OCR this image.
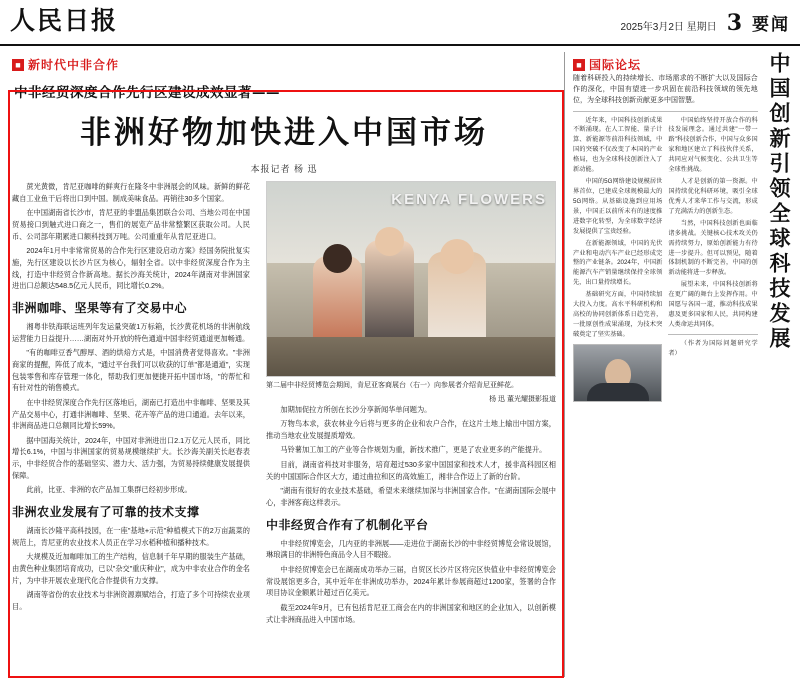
人民日报	2025年3月2日 星期日 3 要闻
■ 新时代中非合作
中非经贸深度合作先行区建设成效显著——
非洲好物加快进入中国市场
本报记者 杨 迅

蔗光黄微，肯尼亚咖啡的鲜爽行在隆冬中非洲展会的风味。新鲜的鲜花藏自工业鱼干后将出口到中国。制成美味食品。再销往30多个国家。

在中国湖南省长沙市，肯尼亚的非盟品集团联合公司、当地公司在中国贸易接口到触式进口商之一，售们的展览产品非常整繁区获取公司。人民币、公司部年期累进口额科技到万吨。公司重重年从肯尼亚进口。

2024年1月中非常常贸易的合作先行区建设启动方案》经国务院批复实施，先行区建设以长沙片区为核心，辐射全省。以中非经贸深度合作为主线，打造中非经贸合作新高地。据长沙海关统计，2024年湖南对非洲国家进出口总额达548.5亿元人民币，同比增长0.2%。

非洲咖啡、坚果等有了交易中心

湘粤非铁海联运班列年发运量突破1万标箱，长沙黄花机场的非洲航线运营能力日益提升……湖南对外开放的特色通道中国非经贸通道更加畅通。

"有的咖啡豆香气醇厚、酒的烘焙方式是，中国消费者觉得喜欢。"非洲商家的提醒，阵低了成本，"通过平台我们可以收获的订单"都是通道"，实现包装零售和库存管理一体化，帮助我们更加便捷开拓中国市场，"的帮忙和有针对性的销售模式。

在中非经贸深度合作先行区落地后，湖南已打造出中非咖啡、坚果及其产品交易中心，打通非洲咖啡、坚果、花卉等产品的进口通道。去年以来，非洲商品进口总额同比增长59%。

据中国海关统计，2024年，中国对非洲进出口2.1万亿元人民币，同比增长6.1%，中国与非洲国家的贸易规模继续扩大。长沙海关副关长赵春表示，中非经贸合作的基础坚实、潜力大、活力强，为贸易持续健康发展提供保障。

此前，比亚、非洲的农产品加工集群已经初步形成。

非洲农业发展有了可靠的技术支撑

湖南长沙隆平高科技园，在一座"基地+示范"种植模式下的2万亩蔬菜的规范上，肯尼亚的农业技术人员正在学习水稻种植和播种技术。

大规模及近加咖啡加工的生产结构，信息制千年早期的服装生产基础，由黄色种业集团培育成功，已以"杂交"重庆种业"，成为中非农业合作的金名片，为中非开展农业现代化合作提供有力支撑。

湖南等省份的农业技术与非洲资源禀赋结合，打造了多个可持续农业项目。

KENYA FLOWERS
第二届中非经贸博览会期间，肯尼亚客商展台（右一）向参展者介绍肯尼亚鲜花。
杨 迅 董光耀摄影报道

加期加促拉方所创在长沙分享新闻华单问题为。

万物鸟本求，获农林业今后将与更多的企业和农户合作，在这片土地上输出中国方案，推动当地农业发展提质增效。

马铃薯加工加工的产业等合作规划为重，新技术推广，更是了农业更多的产能提升。

目前，湖南省科技对非服务，培育超过530多家中国国家和技术人才，援非高科园区相关的中国国际合作区大方，通过曲拉和区的高效施工，湘非合作迈上了新的台阶。

"湖南有很好的农业技术基础，希望未来继续加深与非洲国家合作。"在湖南国际会展中心，非洲客商这样表示。

中非经贸合作有了机制化平台

中非经贸博览会，几内亚的非洲展——走进位于湖南长沙的中非经贸博览会常设展馆，琳琅满目的非洲特色商品令人目不暇接。

中非经贸博览会已在湖南成功举办三届，自贸区长沙片区将完区快值业中非经贸博览会常设展馆更多合，其中近年在非洲成功举办，2024年累计参展商超过1200家，签署的合作项目协议金额累计超过百亿美元。

截至2024年9月，已有包括肯尼亚工商会在内的非洲国家和地区的企业加入，以创新模式让非洲商品进入中国市场。

■ 国际论坛
随着科研投入的持续增长、市场需求的不断扩大以及国际合作的深化，中国有望进一步巩固在前沿科技领域的领先地位，为全球科技创新贡献更多中国智慧。

近年来，中国科技创新成果不断涌现。在人工智能、量子计算、新能源等前沿科技领域，中国的突破不仅改变了本国的产业格局，也为全球科技创新注入了新动能。

中国的5G网络建设规模居世界首位，已建成全球规模最大的5G网络。从基础设施到应用场景，中国正以前所未有的速度推进数字化转型，为全球数字经济发展提供了宝贵经验。

在新能源领域，中国的光伏产业和电动汽车产业已经形成完整的产业链条。2024年，中国新能源汽车产销量继续保持全球领先，出口量持续增长。

基础研究方面，中国持续加大投入力度。高水平科研机构和高校的协同创新体系日趋完善，一批原创性成果涌现，为技术突破奠定了坚实基础。

中国始终坚持开放合作的科技发展理念。通过共建"一带一路"科技创新合作，中国与众多国家和地区建立了科技伙伴关系，共同应对气候变化、公共卫生等全球性挑战。

人才是创新的第一资源。中国持续优化科研环境，吸引全球优秀人才来华工作与交流，形成了充满活力的创新生态。

当然，中国科技创新也面临诸多挑战。关键核心技术攻关仍需持续努力，原始创新能力有待进一步提升。但可以预见，随着体制机制的不断完善，中国的创新动能将进一步释放。

展望未来，中国科技创新将在更广阔的舞台上发挥作用。中国愿与各国一道，推动科技成果惠及更多国家和人民，共同构建人类命运共同体。

（作者为国际问题研究学者）

中国创新引领全球科技发展
